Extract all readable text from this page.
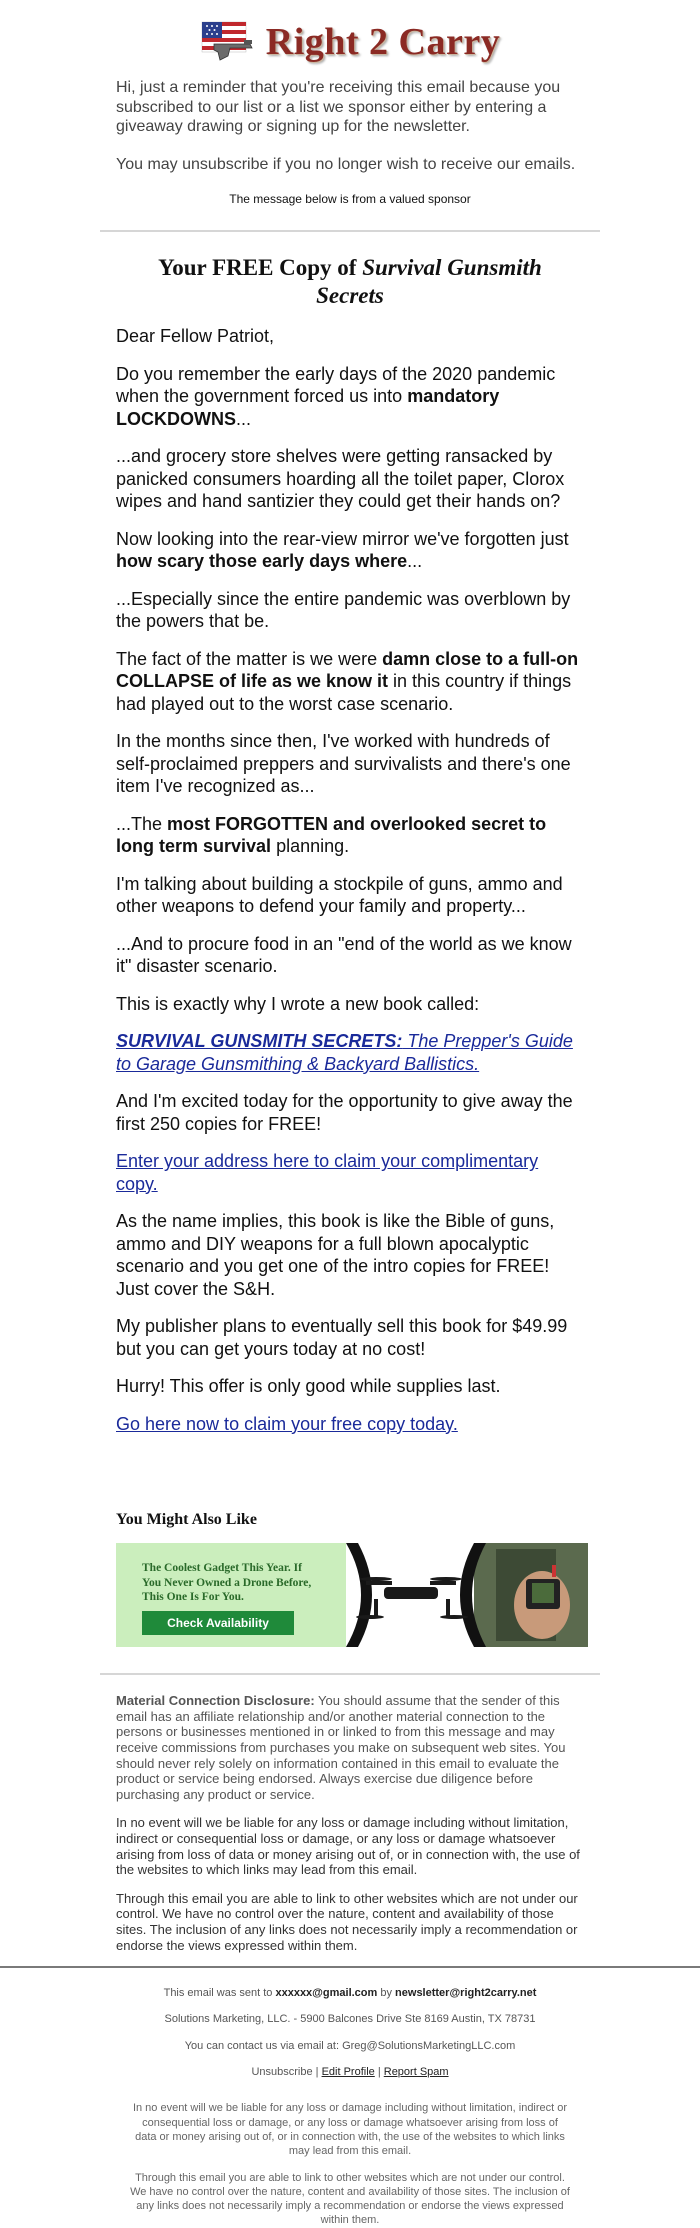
Right 2 Carry

Hi, just a reminder that you're receiving this email because you subscribed to our list or a list we sponsor either by entering a giveaway drawing or signing up for the newsletter.

You may unsubscribe if you no longer wish to receive our emails.

The message below is from a valued sponsor
Your FREE Copy of Survival Gunsmith Secrets

Dear Fellow Patriot,

Do you remember the early days of the 2020 pandemic when the government forced us into mandatory LOCKDOWNS...

...and grocery store shelves were getting ransacked by panicked consumers hoarding all the toilet paper, Clorox wipes and hand santizier they could get their hands on?

Now looking into the rear-view mirror we've forgotten just how scary those early days where...

...Especially since the entire pandemic was overblown by the powers that be.

The fact of the matter is we were damn close to a full-on COLLAPSE of life as we know it in this country if things had played out to the worst case scenario.

In the months since then, I've worked with hundreds of self-proclaimed preppers and survivalists and there's one item I've recognized as...

...The most FORGOTTEN and overlooked secret to long term survival planning.

I'm talking about building a stockpile of guns, ammo and other weapons to defend your family and property...

...And to procure food in an "end of the world as we know it" disaster scenario.

This is exactly why I wrote a new book called:

SURVIVAL GUNSMITH SECRETS: The Prepper's Guide to Garage Gunsmithing & Backyard Ballistics.

And I'm excited today for the opportunity to give away the first 250 copies for FREE!

Enter your address here to claim your complimentary copy.

As the name implies, this book is like the Bible of guns, ammo and DIY weapons for a full blown apocalyptic scenario and you get one of the intro copies for FREE! Just cover the S&H.

My publisher plans to eventually sell this book for $49.99 but you can get yours today at no cost!

Hurry! This offer is only good while supplies last.

Go here now to claim your free copy today.

You Might Also Like
The Coolest Gadget This Year. If You Never Owned a Drone Before, This One Is For You.
Check Availability

Material Connection Disclosure: You should assume that the sender of this email has an affiliate relationship and/or another material connection to the persons or businesses mentioned in or linked to from this message and may receive commissions from purchases you make on subsequent web sites. You should never rely solely on information contained in this email to evaluate the product or service being endorsed. Always exercise due diligence before purchasing any product or service.

In no event will we be liable for any loss or damage including without limitation, indirect or consequential loss or damage, or any loss or damage whatsoever arising from loss of data or money arising out of, or in connection with, the use of the websites to which links may lead from this email.

Through this email you are able to link to other websites which are not under our control. We have no control over the nature, content and availability of those sites. The inclusion of any links does not necessarily imply a recommendation or endorse the views expressed within them.

This email was sent to xxxxxx@gmail.com by newsletter@right2carry.net

Solutions Marketing, LLC. - 5900 Balcones Drive Ste 8169 Austin, TX 78731

You can contact us via email at: Greg@SolutionsMarketingLLC.com

Unsubscribe | Edit Profile | Report Spam

In no event will we be liable for any loss or damage including without limitation, indirect or consequential loss or damage, or any loss or damage whatsoever arising from loss of data or money arising out of, or in connection with, the use of the websites to which links may lead from this email.

Through this email you are able to link to other websites which are not under our control. We have no control over the nature, content and availability of those sites. The inclusion of any links does not necessarily imply a recommendation or endorse the views expressed within them.
